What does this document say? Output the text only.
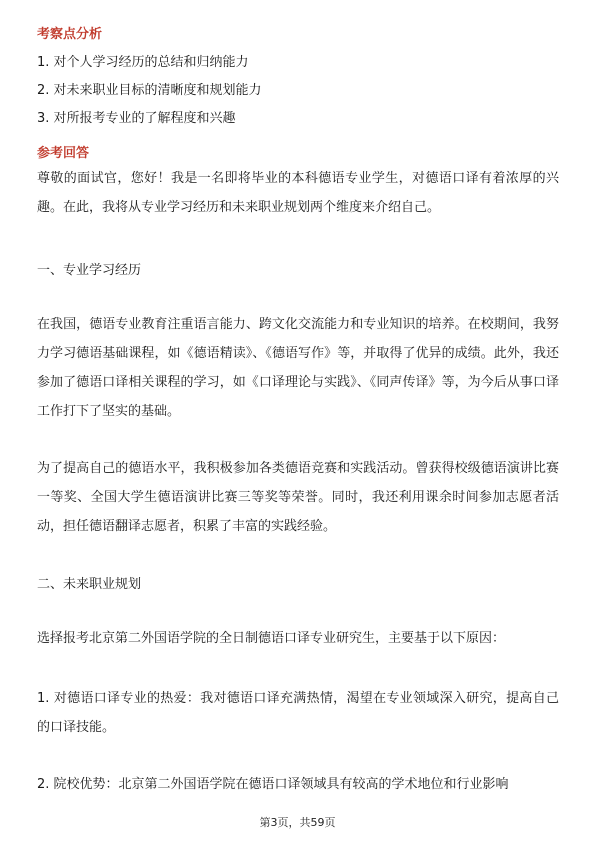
考察点分析
1. 对个人学习经历的总结和归纳能力
2. 对未来职业目标的清晰度和规划能力
3. 对所报考专业的了解程度和兴趣
参考回答
尊敬的面试官，您好！我是一名即将毕业的本科德语专业学生，对德语口译有着浓厚的兴趣。在此，我将从专业学习经历和未来职业规划两个维度来介绍自己。
一、专业学习经历
在我国，德语专业教育注重语言能力、跨文化交流能力和专业知识的培养。在校期间，我努力学习德语基础课程，如《德语精读》、《德语写作》等，并取得了优异的成绩。此外，我还参加了德语口译相关课程的学习，如《口译理论与实践》、《同声传译》等，为今后从事口译工作打下了坚实的基础。
为了提高自己的德语水平，我积极参加各类德语竞赛和实践活动。曾获得校级德语演讲比赛一等奖、全国大学生德语演讲比赛三等奖等荣誉。同时，我还利用课余时间参加志愿者活动，担任德语翻译志愿者，积累了丰富的实践经验。
二、未来职业规划
选择报考北京第二外国语学院的全日制德语口译专业研究生，主要基于以下原因：
1. 对德语口译专业的热爱：我对德语口译充满热情，渴望在专业领域深入研究，提高自己的口译技能。
2. 院校优势：北京第二外国语学院在德语口译领域具有较高的学术地位和行业影响
第3页，共59页
